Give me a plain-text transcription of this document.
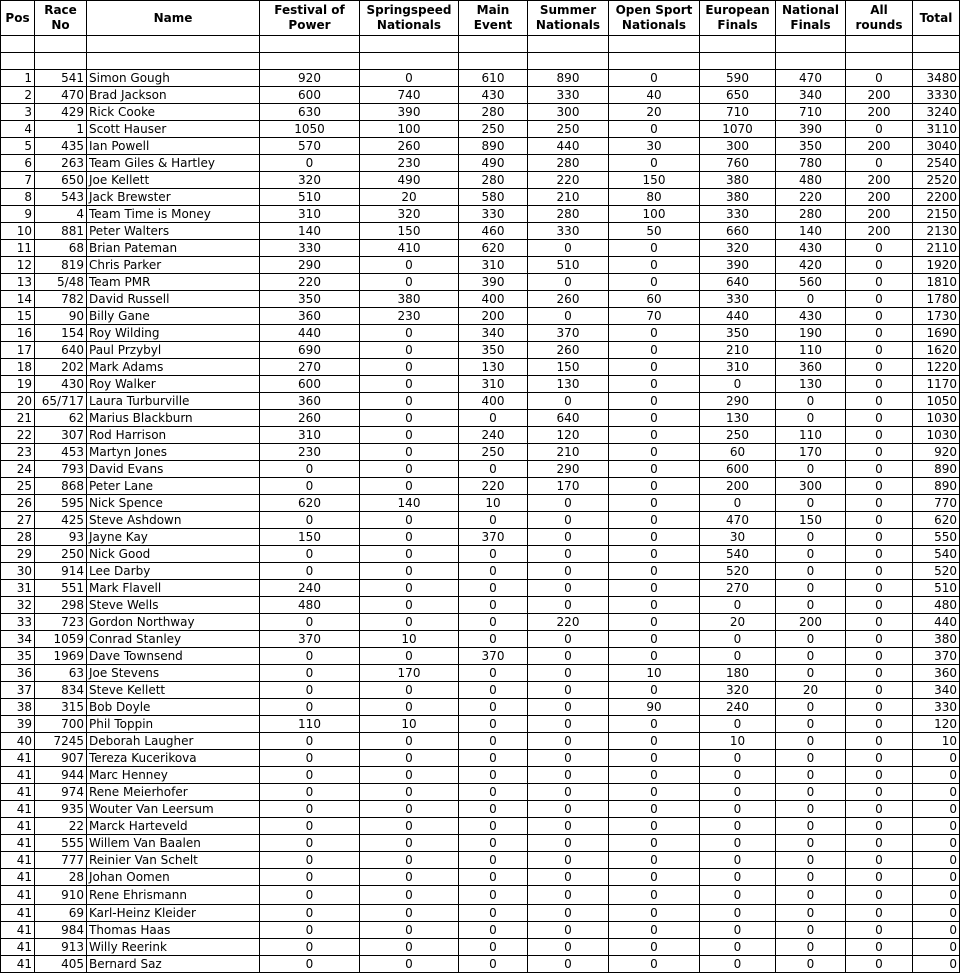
Pos	Race No	Name	Festival of Power	Springspeed Nationals	Main Event	Summer Nationals	Open Sport Nationals	European Finals	National Finals	All rounds	Total

1	541	Simon Gough	920	0	610	890	0	590	470	0	3480
2	470	Brad Jackson	600	740	430	330	40	650	340	200	3330
3	429	Rick Cooke	630	390	280	300	20	710	710	200	3240
4	1	Scott Hauser	1050	100	250	250	0	1070	390	0	3110
5	435	Ian Powell	570	260	890	440	30	300	350	200	3040
6	263	Team Giles & Hartley	0	230	490	280	0	760	780	0	2540
7	650	Joe Kellett	320	490	280	220	150	380	480	200	2520
8	543	Jack Brewster	510	20	580	210	80	380	220	200	2200
9	4	Team Time is Money	310	320	330	280	100	330	280	200	2150
10	881	Peter Walters	140	150	460	330	50	660	140	200	2130
11	68	Brian Pateman	330	410	620	0	0	320	430	0	2110
12	819	Chris Parker	290	0	310	510	0	390	420	0	1920
13	5/48	Team PMR	220	0	390	0	0	640	560	0	1810
14	782	David Russell	350	380	400	260	60	330	0	0	1780
15	90	Billy Gane	360	230	200	0	70	440	430	0	1730
16	154	Roy Wilding	440	0	340	370	0	350	190	0	1690
17	640	Paul Przybyl	690	0	350	260	0	210	110	0	1620
18	202	Mark Adams	270	0	130	150	0	310	360	0	1220
19	430	Roy Walker	600	0	310	130	0	0	130	0	1170
20	65/717	Laura Turburville	360	0	400	0	0	290	0	0	1050
21	62	Marius Blackburn	260	0	0	640	0	130	0	0	1030
22	307	Rod Harrison	310	0	240	120	0	250	110	0	1030
23	453	Martyn Jones	230	0	250	210	0	60	170	0	920
24	793	David Evans	0	0	0	290	0	600	0	0	890
25	868	Peter Lane	0	0	220	170	0	200	300	0	890
26	595	Nick Spence	620	140	10	0	0	0	0	0	770
27	425	Steve Ashdown	0	0	0	0	0	470	150	0	620
28	93	Jayne Kay	150	0	370	0	0	30	0	0	550
29	250	Nick Good	0	0	0	0	0	540	0	0	540
30	914	Lee Darby	0	0	0	0	0	520	0	0	520
31	551	Mark Flavell	240	0	0	0	0	270	0	0	510
32	298	Steve Wells	480	0	0	0	0	0	0	0	480
33	723	Gordon Northway	0	0	0	220	0	20	200	0	440
34	1059	Conrad Stanley	370	10	0	0	0	0	0	0	380
35	1969	Dave Townsend	0	0	370	0	0	0	0	0	370
36	63	Joe Stevens	0	170	0	0	10	180	0	0	360
37	834	Steve Kellett	0	0	0	0	0	320	20	0	340
38	315	Bob Doyle	0	0	0	0	90	240	0	0	330
39	700	Phil Toppin	110	10	0	0	0	0	0	0	120
40	7245	Deborah Laugher	0	0	0	0	0	10	0	0	10
41	907	Tereza Kucerikova	0	0	0	0	0	0	0	0	0
41	944	Marc Henney	0	0	0	0	0	0	0	0	0
41	974	Rene Meierhofer	0	0	0	0	0	0	0	0	0
41	935	Wouter Van Leersum	0	0	0	0	0	0	0	0	0
41	22	Marck Harteveld	0	0	0	0	0	0	0	0	0
41	555	Willem Van Baalen	0	0	0	0	0	0	0	0	0
41	777	Reinier Van Schelt	0	0	0	0	0	0	0	0	0
41	28	Johan Oomen	0	0	0	0	0	0	0	0	0
41	910	Rene Ehrismann	0	0	0	0	0	0	0	0	0
41	69	Karl-Heinz Kleider	0	0	0	0	0	0	0	0	0
41	984	Thomas Haas	0	0	0	0	0	0	0	0	0
41	913	Willy Reerink	0	0	0	0	0	0	0	0	0
41	405	Bernard Saz	0	0	0	0	0	0	0	0	0
